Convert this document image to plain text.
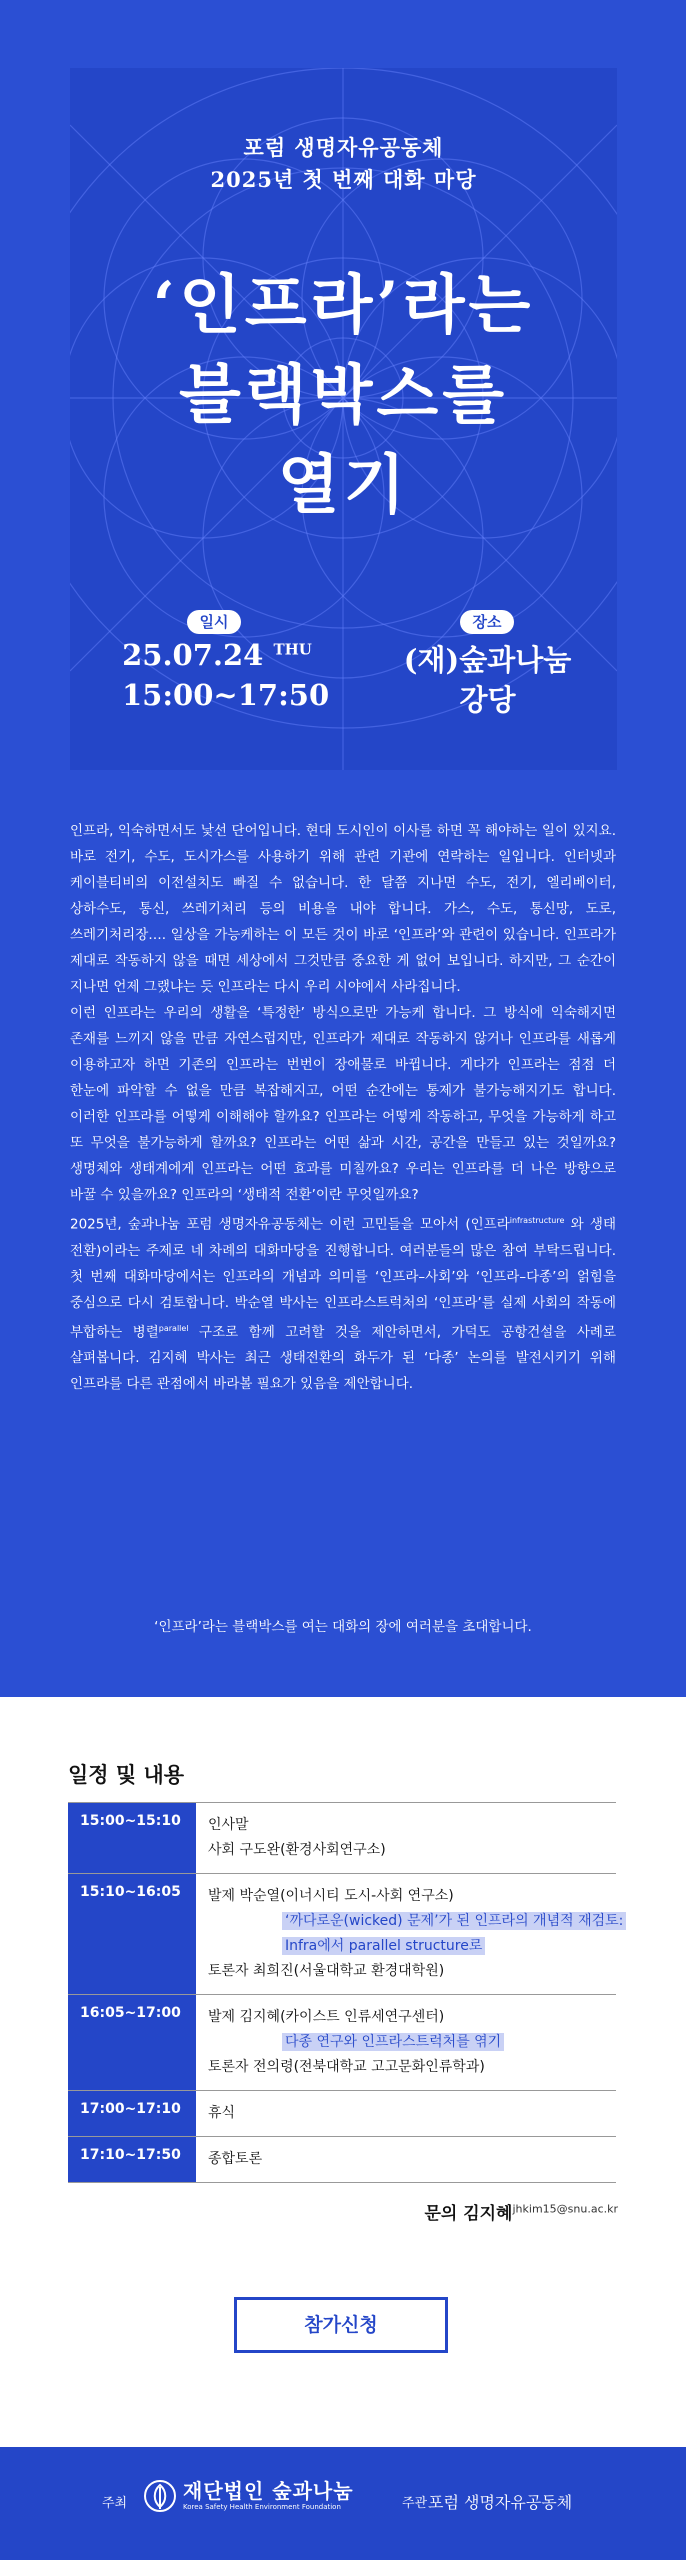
포럼 생명자유공동체
2025년 첫 번째 대화 마당
‘인프라’라는
블랙박스를
열기
일시
25.07.24 $^{THU}$
15:00~17:50
장소
(재)숲과나눔
강당

인프라, 익숙하면서도 낯선 단어입니다. 현대 도시인이 이사를 하면 꼭 해야하는 일이 있지요. 바로 전기, 수도, 도시가스를 사용하기 위해 관련 기관에 연락하는 일입니다. 인터넷과 케이블티비의 이전설치도 빠질 수 없습니다. 한 달쯤 지나면 수도, 전기, 엘리베이터, 상하수도, 통신, 쓰레기처리 등의 비용을 내야 합니다. 가스, 수도, 통신망, 도로, 쓰레기처리장…. 일상을 가능케하는 이 모든 것이 바로 ‘인프라’와 관련이 있습니다. 인프라가 제대로 작동하지 않을 때면 세상에서 그것만큼 중요한 게 없어 보입니다. 하지만, 그 순간이 지나면 언제 그랬냐는 듯 인프라는 다시 우리 시야에서 사라집니다.

이런 인프라는 우리의 생활을 ‘특정한’ 방식으로만 가능케 합니다. 그 방식에 익숙해지면 존재를 느끼지 않을 만큼 자연스럽지만, 인프라가 제대로 작동하지 않거나 인프라를 새롭게 이용하고자 하면 기존의 인프라는 번번이 장애물로 바뀝니다. 게다가 인프라는 점점 더 한눈에 파악할 수 없을 만큼 복잡해지고, 어떤 순간에는 통제가 불가능해지기도 합니다. 이러한 인프라를 어떻게 이해해야 할까요? 인프라는 어떻게 작동하고, 무엇을 가능하게 하고 또 무엇을 불가능하게 할까요? 인프라는 어떤 삶과 시간, 공간을 만들고 있는 것일까요? 생명체와 생태계에게 인프라는 어떤 효과를 미칠까요? 우리는 인프라를 더 나은 방향으로 바꿀 수 있을까요? 인프라의 ‘생태적 전환’이란 무엇일까요?

2025년, 숲과나눔 포럼 생명자유공동체는 이런 고민들을 모아서 (인프라$^{infrastructure}$ 와 생태 전환)이라는 주제로 네 차례의 대화마당을 진행합니다. 여러분들의 많은 참여 부탁드립니다. 첫 번째 대화마당에서는 인프라의 개념과 의미를 ‘인프라–사회’와 ‘인프라–다종’의 얽힘을 중심으로 다시 검토합니다. 박순열 박사는 인프라스트럭처의 ‘인프라’를 실제 사회의 작동에 부합하는 병렬$^{parallel}$ 구조로 함께 고려할 것을 제안하면서, 가덕도 공항건설을 사례로 살펴봅니다. 김지혜 박사는 최근 생태전환의 화두가 된 ‘다종’ 논의를 발전시키기 위해 인프라를 다른 관점에서 바라볼 필요가 있음을 제안합니다.

‘인프라’라는 블랙박스를 여는 대화의 장에 여러분을 초대합니다.
일정 및 내용
15:00~15:10	인사말
사회 구도완(환경사회연구소)
15:10~16:05	발제 박순열(이너시티 도시-사회 연구소)
‘까다로운(wicked) 문제’가 된 인프라의 개념적 재검토:
Infra에서 parallel structure로
토론자 최희진(서울대학교 환경대학원)
16:05~17:00	발제 김지혜(카이스트 인류세연구센터)
다종 연구와 인프라스트럭처를 엮기
토론자 전의령(전북대학교 고고문화인류학과)
17:00~17:10	휴식
17:10~17:50	종합토론
문의 김지혜$^{jhkim15@snu.ac.kr}$
참가신청
주최
재단법인 숲과나눔
Korea Safety Health Environment Foundation	주관 포럼 생명자유공동체
